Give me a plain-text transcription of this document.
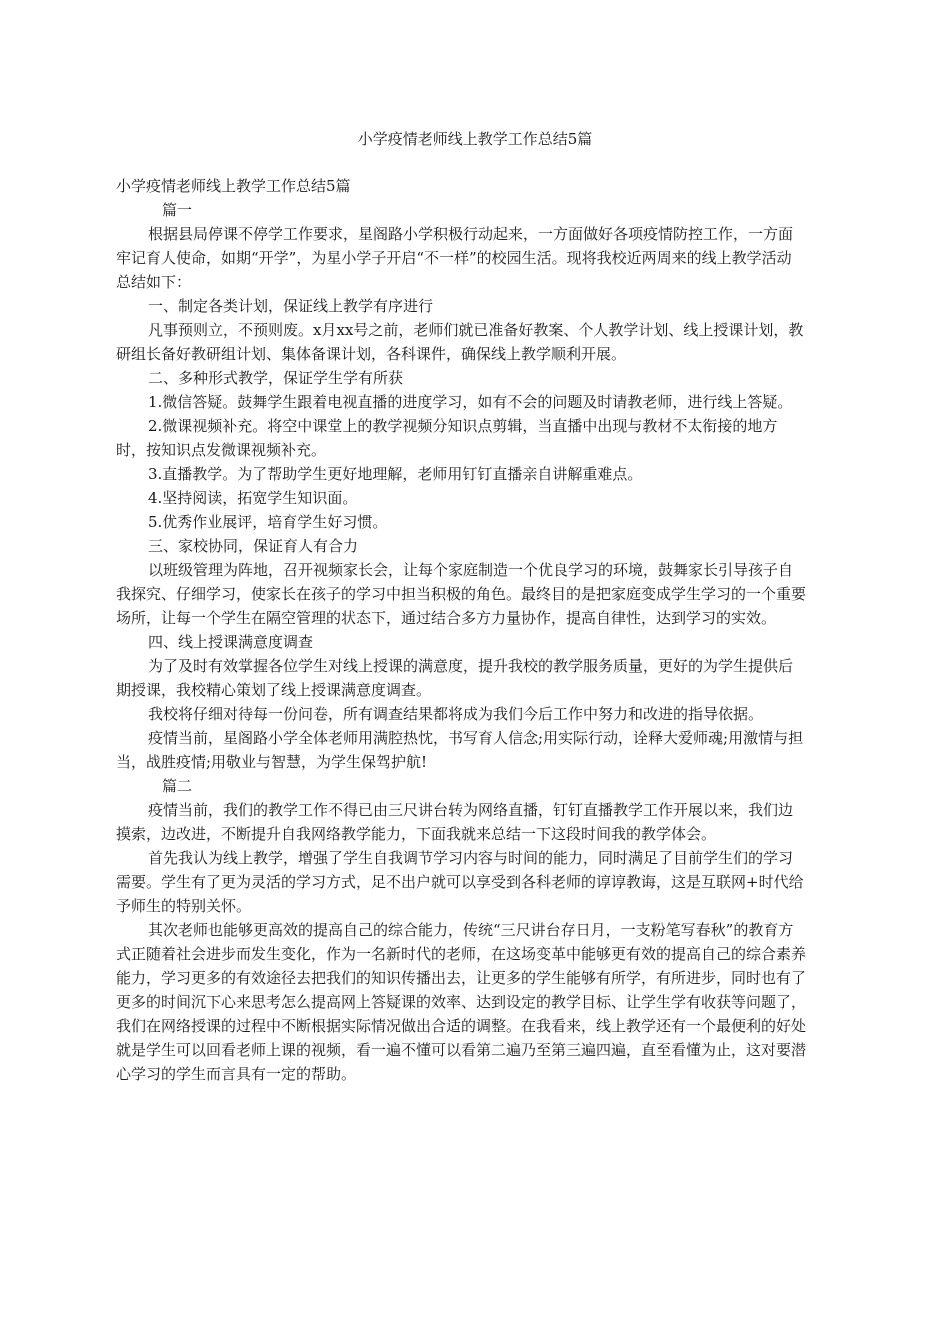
小学疫情老师线上教学工作总结5篇

小学疫情老师线上教学工作总结5篇

篇一

根据县局停课不停学工作要求，星阁路小学积极行动起来，一方面做好各项疫情防控工作，一方面牢记育人使命，如期“开学”，为星小学子开启“不一样”的校园生活。现将我校近两周来的线上教学活动总结如下：

一、制定各类计划，保证线上教学有序进行

凡事预则立，不预则废。x月xx号之前，老师们就已准备好教案、个人教学计划、线上授课计划，教研组长备好教研组计划、集体备课计划，各科课件，确保线上教学顺利开展。

二、多种形式教学，保证学生学有所获

1.微信答疑。鼓舞学生跟着电视直播的进度学习，如有不会的问题及时请教老师，进行线上答疑。

2.微课视频补充。将空中课堂上的教学视频分知识点剪辑，当直播中出现与教材不太衔接的地方时，按知识点发微课视频补充。

3.直播教学。为了帮助学生更好地理解，老师用钉钉直播亲自讲解重难点。

4.坚持阅读，拓宽学生知识面。

5.优秀作业展评，培育学生好习惯。

三、家校协同，保证育人有合力

以班级管理为阵地，召开视频家长会，让每个家庭制造一个优良学习的环境，鼓舞家长引导孩子自我探究、仔细学习，使家长在孩子的学习中担当积极的角色。最终目的是把家庭变成学生学习的一个重要场所，让每一个学生在隔空管理的状态下，通过结合多方力量协作，提高自律性，达到学习的实效。

四、线上授课满意度调查

为了及时有效掌握各位学生对线上授课的满意度，提升我校的教学服务质量，更好的为学生提供后期授课，我校精心策划了线上授课满意度调查。

我校将仔细对待每一份问卷，所有调查结果都将成为我们今后工作中努力和改进的指导依据。

疫情当前，星阁路小学全体老师用满腔热忱，书写育人信念;用实际行动，诠释大爱师魂;用激情与担当，战胜疫情;用敬业与智慧，为学生保驾护航!

篇二

疫情当前，我们的教学工作不得已由三尺讲台转为网络直播，钉钉直播教学工作开展以来，我们边摸索，边改进，不断提升自我网络教学能力，下面我就来总结一下这段时间我的教学体会。

首先我认为线上教学，增强了学生自我调节学习内容与时间的能力，同时满足了目前学生们的学习需要。学生有了更为灵活的学习方式，足不出户就可以享受到各科老师的谆谆教诲，这是互联网+时代给予师生的特别关怀。

其次老师也能够更高效的提高自己的综合能力，传统“三尺讲台存日月，一支粉笔写春秋”的教育方式正随着社会进步而发生变化，作为一名新时代的老师，在这场变革中能够更有效的提高自己的综合素养能力，学习更多的有效途径去把我们的知识传播出去，让更多的学生能够有所学，有所进步，同时也有了更多的时间沉下心来思考怎么提高网上答疑课的效率、达到设定的教学目标、让学生学有收获等问题了，我们在网络授课的过程中不断根据实际情况做出合适的调整。在我看来，线上教学还有一个最便利的好处就是学生可以回看老师上课的视频，看一遍不懂可以看第二遍乃至第三遍四遍，直至看懂为止，这对要潜心学习的学生而言具有一定的帮助。
